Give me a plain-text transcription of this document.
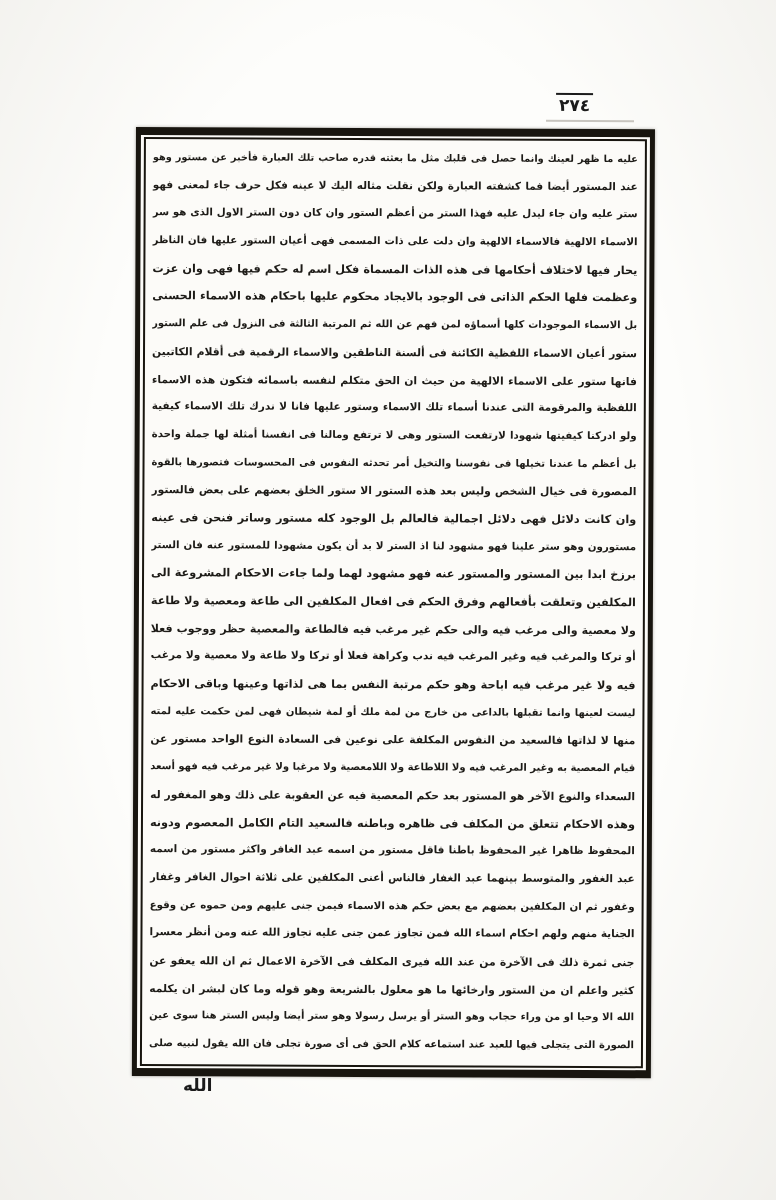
٢٧٤
عليه ما ظهر لعينك وانما حصل فى قلبك مثل ما بعثته قدره صاحب تلك العبارة فأخبر عن مستور وهو
عند المستور أيضا فما كشفته العبارة ولكن نقلت مثاله اليك لا عينه فكل حرف جاء لمعنى فهو
ستر عليه وان جاء ليدل عليه فهذا الستر من أعظم الستور وان كان دون الستر الاول الذى هو سر
الاسماء الالهية فالاسماء الالهية وان دلت على ذات المسمى فهى أعيان الستور عليها فان الناظر
يحار فيها لاختلاف أحكامها فى هذه الذات المسماة فكل اسم له حكم فيها فهى وان عزت
وعظمت فلها الحكم الذاتى فى الوجود بالايجاد محكوم عليها باحكام هذه الاسماء الحسنى
بل الاسماء الموجودات كلها أسماؤه لمن فهم عن الله ثم المرتبة الثالثة فى النزول فى علم الستور
ستور أعيان الاسماء اللفظية الكائنة فى ألسنة الناطقين والاسماء الرقمية فى أقلام الكاتبين
فانها ستور على الاسماء الالهية من حيث ان الحق متكلم لنفسه باسمائه فتكون هذه الاسماء
اللفظية والمرقومة التى عندنا أسماء تلك الاسماء وستور عليها فانا لا ندرك تلك الاسماء كيفية
ولو ادركنا كيفيتها شهودا لارتفعت الستور وهى لا ترتفع ومالنا فى انفسنا أمثلة لها جملة واحدة
بل أعظم ما عندنا تخيلها فى نفوسنا والتخيل أمر تحدثه النفوس فى المحسوسات فتصورها بالقوة
المصورة فى خيال الشخص وليس بعد هذه الستور الا ستور الخلق بعضهم على بعض فالستور
وان كانت دلائل فهى دلائل اجمالية فالعالم بل الوجود كله مستور وساتر فنحن فى عينه
مستورون وهو ستر علينا فهو مشهود لنا اذ الستر لا بد أن يكون مشهودا للمستور عنه فان الستر
برزخ ابدا بين المستور والمستور عنه فهو مشهود لهما ولما جاءت الاحكام المشروعة الى
المكلفين وتعلقت بأفعالهم وفرق الحكم فى افعال المكلفين الى طاعة ومعصية ولا طاعة
ولا معصية والى مرغب فيه والى حكم غير مرغب فيه فالطاعة والمعصية حظر ووجوب فعلا
أو تركا والمرغب فيه وغير المرغب فيه ندب وكراهة فعلا أو تركا ولا طاعة ولا معصية ولا مرغب
فيه ولا غير مرغب فيه اباحة وهو حكم مرتبة النفس بما هى لذاتها وعينها وباقى الاحكام
ليست لعينها وانما تقبلها بالداعى من خارج من لمة ملك أو لمة شيطان فهى لمن حكمت عليه لمته
منها لا لذاتها فالسعيد من النفوس المكلفة على نوعين فى السعادة النوع الواحد مستور عن
قيام المعصية به وغير المرغب فيه ولا اللاطاعة ولا اللامعصية ولا مرغبا ولا غير مرغب فيه فهو أسعد
السعداء والنوع الآخر هو المستور بعد حكم المعصية فيه عن العقوبة على ذلك وهو المغفور له
وهذه الاحكام تتعلق من المكلف فى ظاهره وباطنه فالسعيد التام الكامل المعصوم ودونه
المحفوظ ظاهرا غير المحفوظ باطنا فاقل مستور من اسمه عبد الغافر واكثر مستور من اسمه
عبد الغفور والمتوسط بينهما عبد الغفار فالناس أعنى المكلفين على ثلاثة احوال الغافر وغفار
وغفور ثم ان المكلفين بعضهم مع بعض حكم هذه الاسماء فيمن جنى عليهم ومن حموه عن وقوع
الجناية منهم ولهم احكام اسماء الله فمن تجاوز عمن جنى عليه تجاوز الله عنه ومن أنظر معسرا
جنى ثمرة ذلك فى الآخرة من عند الله فيرى المكلف فى الآخرة الاعمال ثم ان الله يعفو عن
كثير واعلم ان من الستور وارخائها ما هو معلول بالشريعة وهو قوله وما كان لبشر ان يكلمه
الله الا وحيا او من وراء حجاب وهو الستر أو يرسل رسولا وهو ستر أيضا وليس الستر هنا سوى عين
الصورة التى يتجلى فيها للعبد عند استماعه كلام الحق فى أى صورة تجلى فان الله يقول لنبيه صلى
الله
